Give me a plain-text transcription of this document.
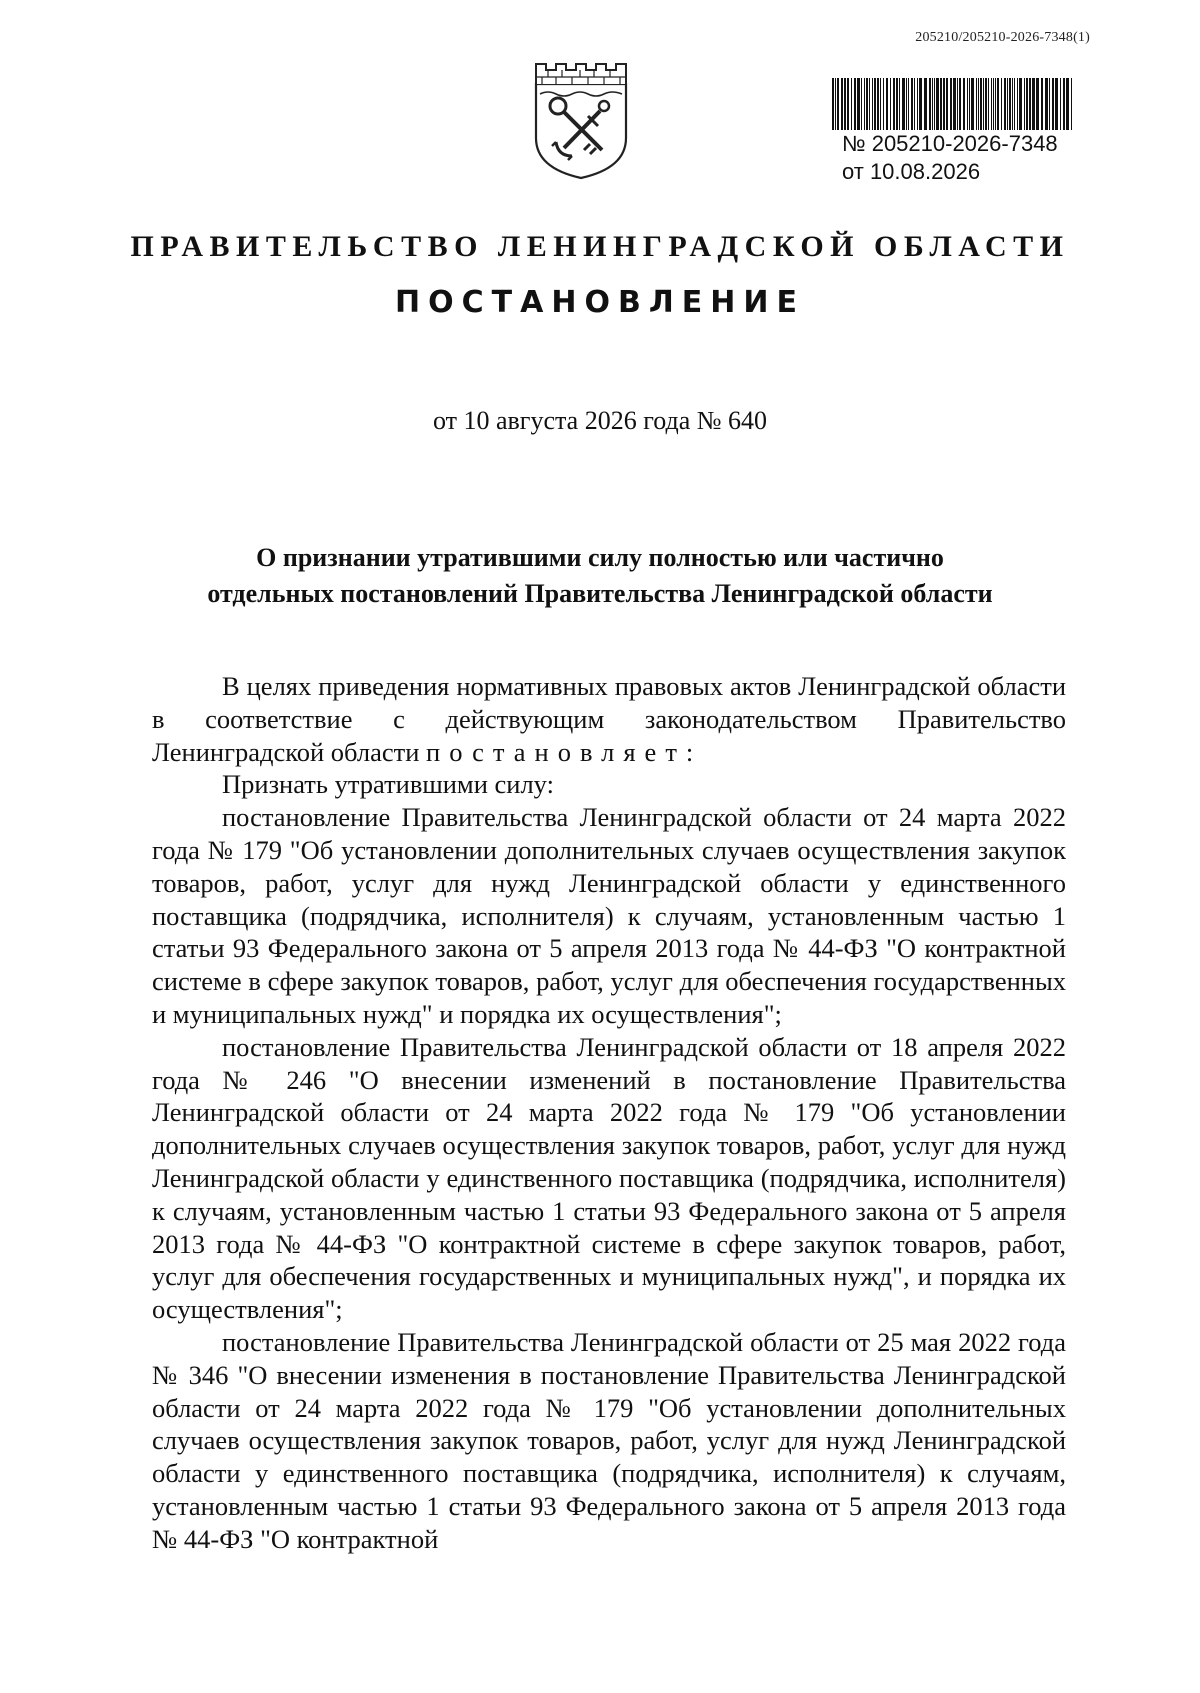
205210/205210-2026-7348(1)
№ 205210-2026-7348
от 10.08.2026
ПРАВИТЕЛЬСТВО ЛЕНИНГРАДСКОЙ ОБЛАСТИ
ПОСТАНОВЛЕНИЕ
от 10 августа 2026 года № 640
О признании утратившими силу полностью или частично
отдельных постановлений Правительства Ленинградской области

В целях приведения нормативных правовых актов Ленинградской области в соответствие с действующим законодательством Правительство Ленинградской области постановляет:

Признать утратившими силу:

постановление Правительства Ленинградской области от 24 марта 2022 года № 179 "Об установлении дополнительных случаев осуществления закупок товаров, работ, услуг для нужд Ленинградской области у единственного поставщика (подрядчика, исполнителя) к случаям, установленным частью 1 статьи 93 Федерального закона от 5 апреля 2013 года № 44-ФЗ "О контрактной системе в сфере закупок товаров, работ, услуг для обеспечения государственных и муниципальных нужд" и порядка их осуществления";

постановление Правительства Ленинградской области от 18 апреля 2022 года № 246 "О внесении изменений в постановление Правительства Ленинградской области от 24 марта 2022 года № 179 "Об установлении дополнительных случаев осуществления закупок товаров, работ, услуг для нужд Ленинградской области у единственного поставщика (подрядчика, исполнителя) к случаям, установленным частью 1 статьи 93 Федерального закона от 5 апреля 2013 года № 44-ФЗ "О контрактной системе в сфере закупок товаров, работ, услуг для обеспечения государственных и муниципальных нужд", и порядка их осуществления";

постановление Правительства Ленинградской области от 25 мая 2022 года № 346 "О внесении изменения в постановление Правительства Ленинградской области от 24 марта 2022 года № 179 "Об установлении дополнительных случаев осуществления закупок товаров, работ, услуг для нужд Ленинградской области у единственного поставщика (подрядчика, исполнителя) к случаям, установленным частью 1 статьи 93 Федерального закона от 5 апреля 2013 года № 44-ФЗ "О контрактной
